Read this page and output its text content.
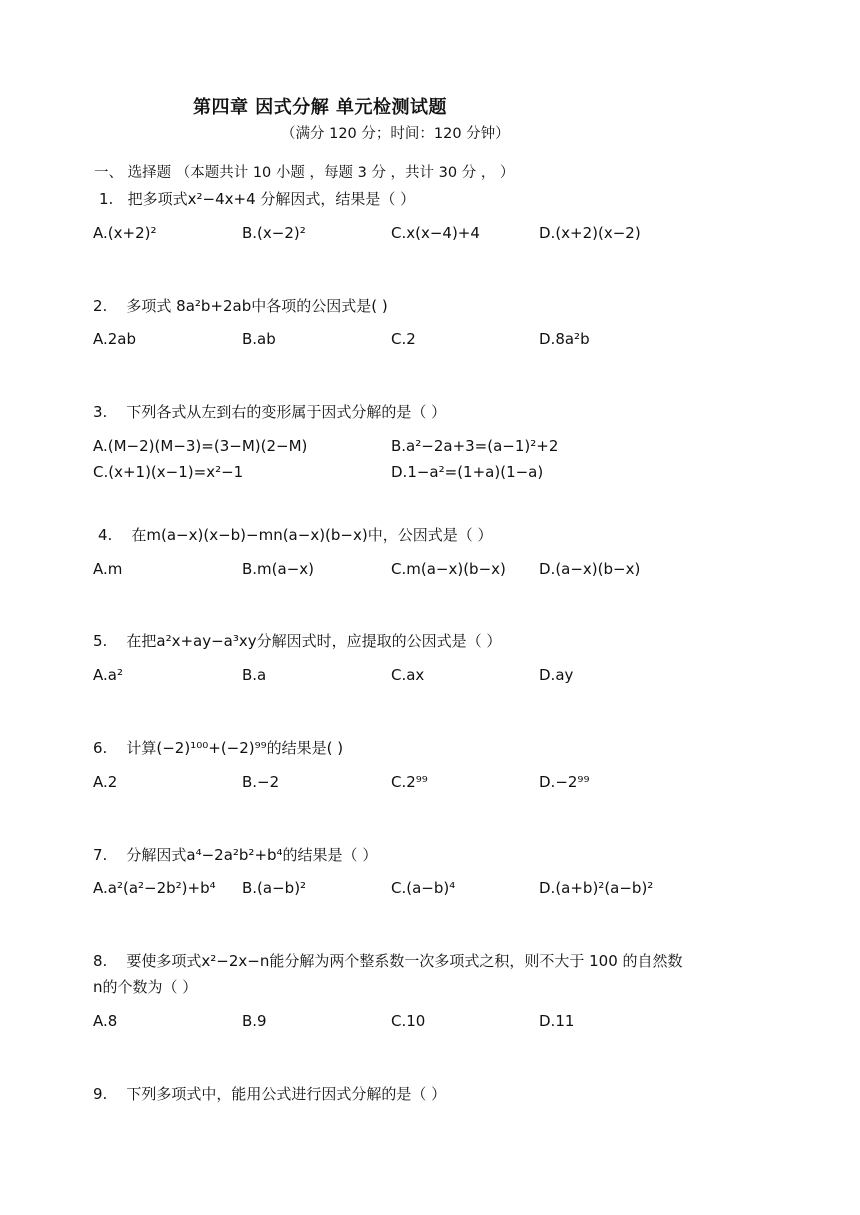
第四章 因式分解 单元检测试题
（满分 120 分；时间：120 分钟）
一、 选择题 （本题共计 10 小题 ，每题 3 分 ，共计 30 分 ， ）
1. 把多项式x²−4x+4 分解因式，结果是（ ）
A.(x+2)²	B.(x−2)²	C.x(x−4)+4	D.(x+2)(x−2)
2. 多项式 8a²b+2ab中各项的公因式是( )
A.2ab	B.ab	C.2	D.8a²b
3. 下列各式从左到右的变形属于因式分解的是（ ）
A.(M−2)(M−3)=(3−M)(2−M)	B.a²−2a+3=(a−1)²+2
C.(x+1)(x−1)=x²−1	D.1−a²=(1+a)(1−a)
4. 在m(a−x)(x−b)−mn(a−x)(b−x)中，公因式是（ ）
A.m	B.m(a−x)	C.m(a−x)(b−x) D.(a−x)(b−x)
5. 在把a²x+ay−a³xy分解因式时，应提取的公因式是（ ）
A.a²	B.a	C.ax	D.ay
6. 计算(−2)¹⁰⁰+(−2)⁹⁹的结果是( )
A.2	B.−2	C.2⁹⁹	D.−2⁹⁹
7. 分解因式a⁴−2a²b²+b⁴的结果是（ ）
A.a²(a²−2b²)+b⁴ B.(a−b)²	C.(a−b)⁴	D.(a+b)²(a−b)²
8. 要使多项式x²−2x−n能分解为两个整系数一次多项式之积，则不大于 100 的自然数
n的个数为（ ）
A.8	B.9	C.10	D.11
9. 下列多项式中，能用公式进行因式分解的是（ ）
